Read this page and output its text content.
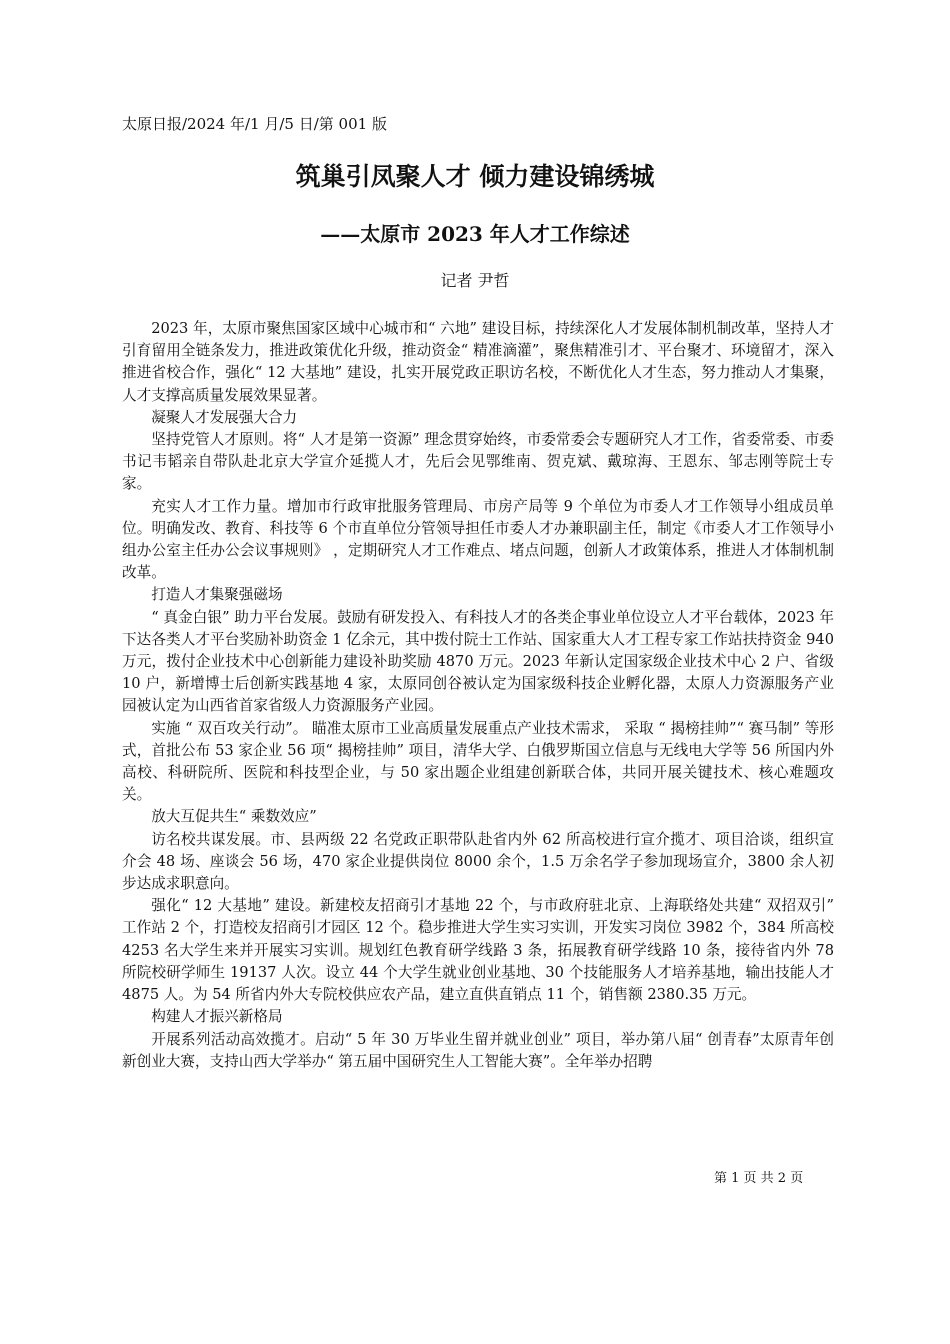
太原日报/2024 年/1 月/5 日/第 001 版
筑巢引凤聚人才 倾力建设锦绣城
——太原市 2023 年人才工作综述
记者 尹哲

2023 年，太原市聚焦国家区域中心城市和“ 六地” 建设目标，持续深化人才发展体制机制改革，坚持人才引育留用全链条发力，推进政策优化升级，推动资金“ 精准滴灌”，聚焦精准引才、平台聚才、环境留才，深入推进省校合作，强化“ 12 大基地” 建设，扎实开展党政正职访名校，不断优化人才生态，努力推动人才集聚，人才支撑高质量发展效果显著。

凝聚人才发展强大合力

坚持党管人才原则。将“ 人才是第一资源” 理念贯穿始终，市委常委会专题研究人才工作，省委常委、市委书记韦韬亲自带队赴北京大学宣介延揽人才，先后会见鄂维南、贺克斌、戴琼海、王恩东、邹志刚等院士专家。

充实人才工作力量。增加市行政审批服务管理局、市房产局等 9 个单位为市委人才工作领导小组成员单位。明确发改、教育、科技等 6 个市直单位分管领导担任市委人才办兼职副主任，制定《市委人才工作领导小组办公室主任办公会议事规则》 ，定期研究人才工作难点、堵点问题，创新人才政策体系，推进人才体制机制改革。

打造人才集聚强磁场

“ 真金白银” 助力平台发展。鼓励有研发投入、有科技人才的各类企事业单位设立人才平台载体，2023 年下达各类人才平台奖励补助资金 1 亿余元，其中拨付院士工作站、国家重大人才工程专家工作站扶持资金 940 万元，拨付企业技术中心创新能力建设补助奖励 4870 万元。2023 年新认定国家级企业技术中心 2 户、省级 10 户，新增博士后创新实践基地 4 家，太原同创谷被认定为国家级科技企业孵化器，太原人力资源服务产业园被认定为山西省首家省级人力资源服务产业园。

实施 “ 双百攻关行动”。 瞄准太原市工业高质量发展重点产业技术需求， 采取 “ 揭榜挂帅”“ 赛马制” 等形式，首批公布 53 家企业 56 项“ 揭榜挂帅” 项目，清华大学、白俄罗斯国立信息与无线电大学等 56 所国内外高校、科研院所、医院和科技型企业，与 50 家出题企业组建创新联合体，共同开展关键技术、核心难题攻关。

放大互促共生“ 乘数效应”

访名校共谋发展。市、县两级 22 名党政正职带队赴省内外 62 所高校进行宣介揽才、项目洽谈，组织宣介会 48 场、座谈会 56 场，470 家企业提供岗位 8000 余个，1.5 万余名学子参加现场宣介，3800 余人初步达成求职意向。

强化“ 12 大基地” 建设。新建校友招商引才基地 22 个，与市政府驻北京、上海联络处共建“ 双招双引” 工作站 2 个，打造校友招商引才园区 12 个。稳步推进大学生实习实训，开发实习岗位 3982 个，384 所高校 4253 名大学生来并开展实习实训。规划红色教育研学线路 3 条，拓展教育研学线路 10 条，接待省内外 78 所院校研学师生 19137 人次。设立 44 个大学生就业创业基地、30 个技能服务人才培养基地，输出技能人才 4875 人。为 54 所省内外大专院校供应农产品，建立直供直销点 11 个，销售额 2380.35 万元。

构建人才振兴新格局

开展系列活动高效揽才。启动“ 5 年 30 万毕业生留并就业创业” 项目，举办第八届“ 创青春”太原青年创新创业大赛，支持山西大学举办“ 第五届中国研究生人工智能大赛”。全年举办招聘

第 1 页 共 2 页
